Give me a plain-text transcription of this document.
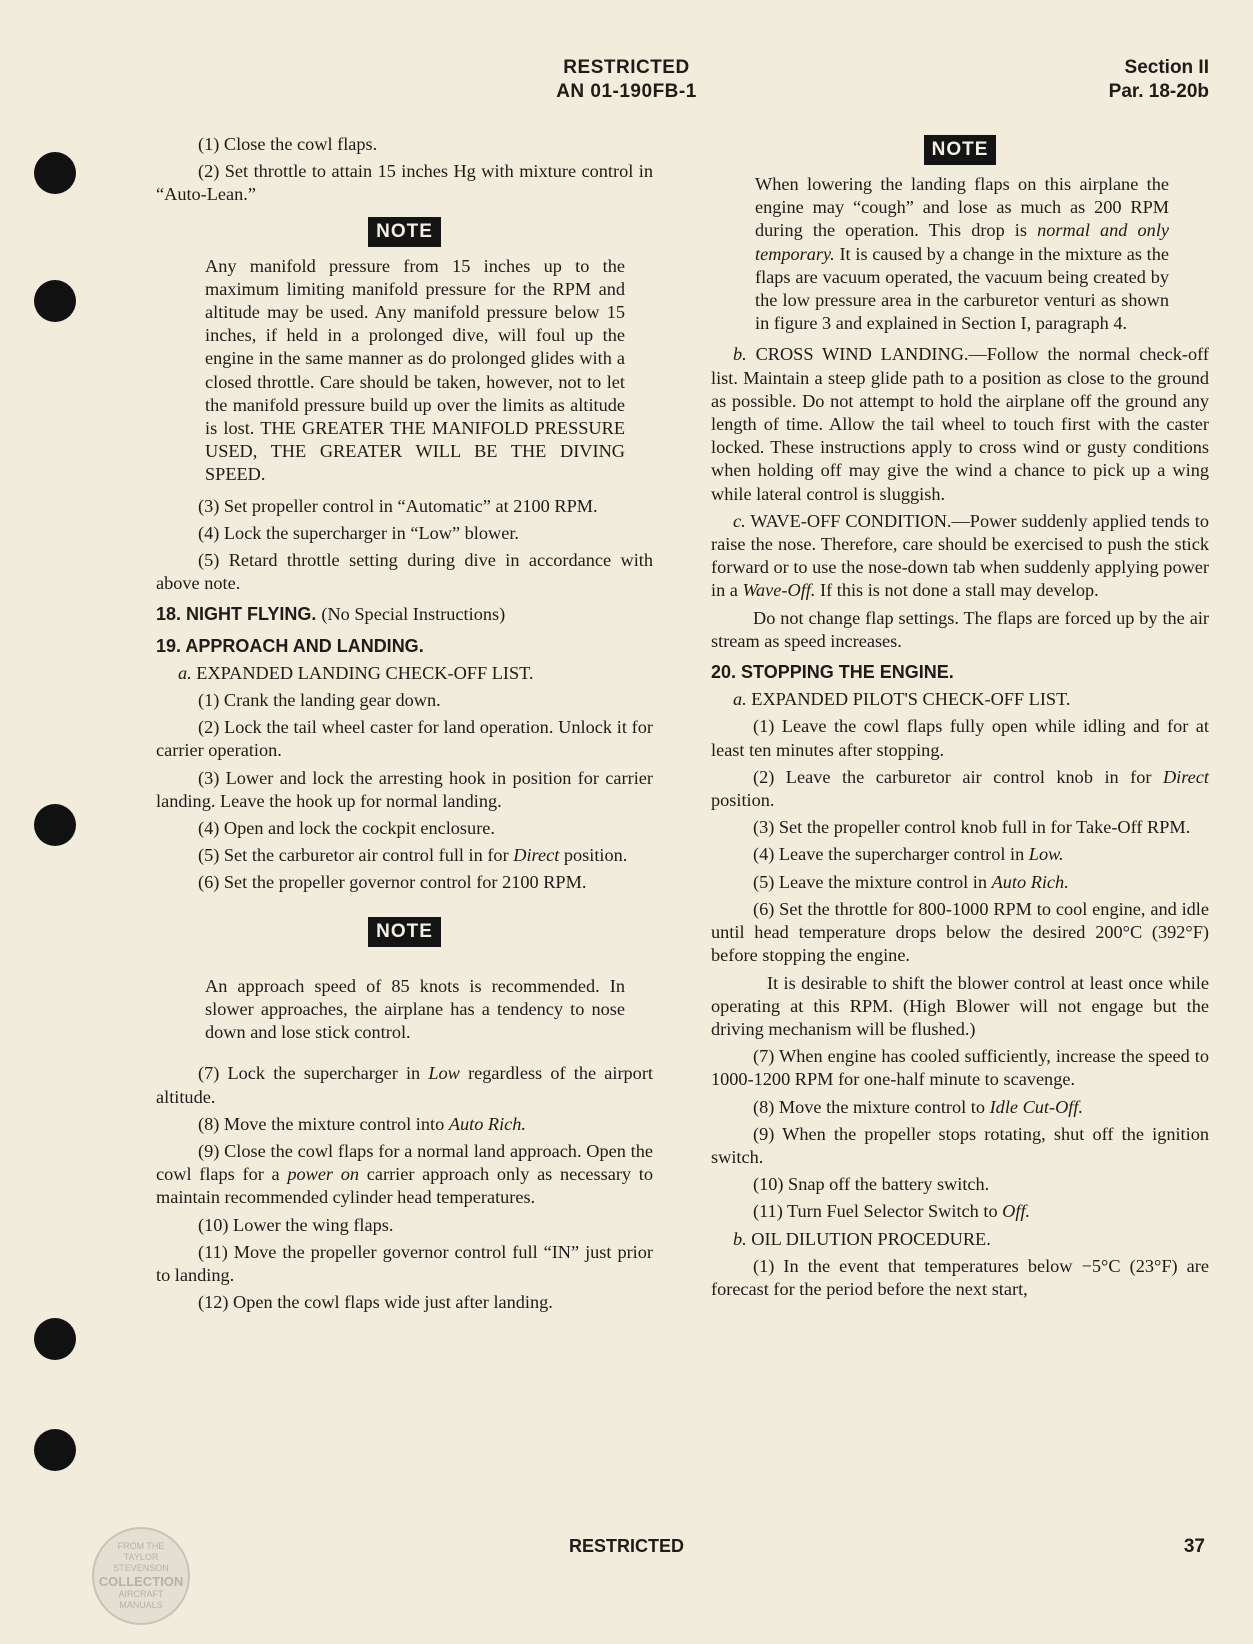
RESTRICTED
AN 01-190FB-1
Section II
Par. 18-20b

(1) Close the cowl flaps.

(2) Set throttle to attain 15 inches Hg with mixture control in “Auto-Lean.”

NOTE

Any manifold pressure from 15 inches up to the maximum limiting manifold pressure for the RPM and altitude may be used. Any manifold pressure below 15 inches, if held in a prolonged dive, will foul up the engine in the same manner as do prolonged glides with a closed throttle. Care should be taken, however, not to let the manifold pressure build up over the limits as altitude is lost. THE GREATER THE MANIFOLD PRESSURE USED, THE GREATER WILL BE THE DIVING SPEED.

(3) Set propeller control in “Automatic” at 2100 RPM.

(4) Lock the supercharger in “Low” blower.

(5) Retard throttle setting during dive in accordance with above note.

18. NIGHT FLYING. (No Special Instructions)
19. APPROACH AND LANDING.

a. EXPANDED LANDING CHECK-OFF LIST.

(1) Crank the landing gear down.

(2) Lock the tail wheel caster for land operation. Unlock it for carrier operation.

(3) Lower and lock the arresting hook in position for carrier landing. Leave the hook up for normal landing.

(4) Open and lock the cockpit enclosure.

(5) Set the carburetor air control full in for Direct position.

(6) Set the propeller governor control for 2100 RPM.

NOTE

An approach speed of 85 knots is recommended. In slower approaches, the airplane has a tendency to nose down and lose stick control.

(7) Lock the supercharger in Low regardless of the airport altitude.

(8) Move the mixture control into Auto Rich.

(9) Close the cowl flaps for a normal land approach. Open the cowl flaps for a power on carrier approach only as necessary to maintain recommended cylinder head temperatures.

(10) Lower the wing flaps.

(11) Move the propeller governor control full “IN” just prior to landing.

(12) Open the cowl flaps wide just after landing.

NOTE

When lowering the landing flaps on this airplane the engine may “cough” and lose as much as 200 RPM during the operation. This drop is normal and only temporary. It is caused by a change in the mixture as the flaps are vacuum operated, the vacuum being created by the low pressure area in the carburetor venturi as shown in figure 3 and explained in Section I, paragraph 4.

b. CROSS WIND LANDING.—Follow the normal check-off list. Maintain a steep glide path to a position as close to the ground as possible. Do not attempt to hold the airplane off the ground any length of time. Allow the tail wheel to touch first with the caster locked. These instructions apply to cross wind or gusty conditions when holding off may give the wind a chance to pick up a wing while lateral control is sluggish.

c. WAVE-OFF CONDITION.—Power suddenly applied tends to raise the nose. Therefore, care should be exercised to push the stick forward or to use the nose-down tab when suddenly applying power in a Wave-Off. If this is not done a stall may develop.

Do not change flap settings. The flaps are forced up by the air stream as speed increases.

20. STOPPING THE ENGINE.

a. EXPANDED PILOT'S CHECK-OFF LIST.

(1) Leave the cowl flaps fully open while idling and for at least ten minutes after stopping.

(2) Leave the carburetor air control knob in for Direct position.

(3) Set the propeller control knob full in for Take-Off RPM.

(4) Leave the supercharger control in Low.

(5) Leave the mixture control in Auto Rich.

(6) Set the throttle for 800-1000 RPM to cool engine, and idle until head temperature drops below the desired 200°C (392°F) before stopping the engine.

It is desirable to shift the blower control at least once while operating at this RPM. (High Blower will not engage but the driving mechanism will be flushed.)

(7) When engine has cooled sufficiently, increase the speed to 1000-1200 RPM for one-half minute to scavenge.

(8) Move the mixture control to Idle Cut-Off.

(9) When the propeller stops rotating, shut off the ignition switch.

(10) Snap off the battery switch.

(11) Turn Fuel Selector Switch to Off.

b. OIL DILUTION PROCEDURE.

(1) In the event that temperatures below −5°C (23°F) are forecast for the period before the next start,

RESTRICTED	37
FROM THE
TAYLOR
STEVENSON
COLLECTION
AIRCRAFT
MANUALS
